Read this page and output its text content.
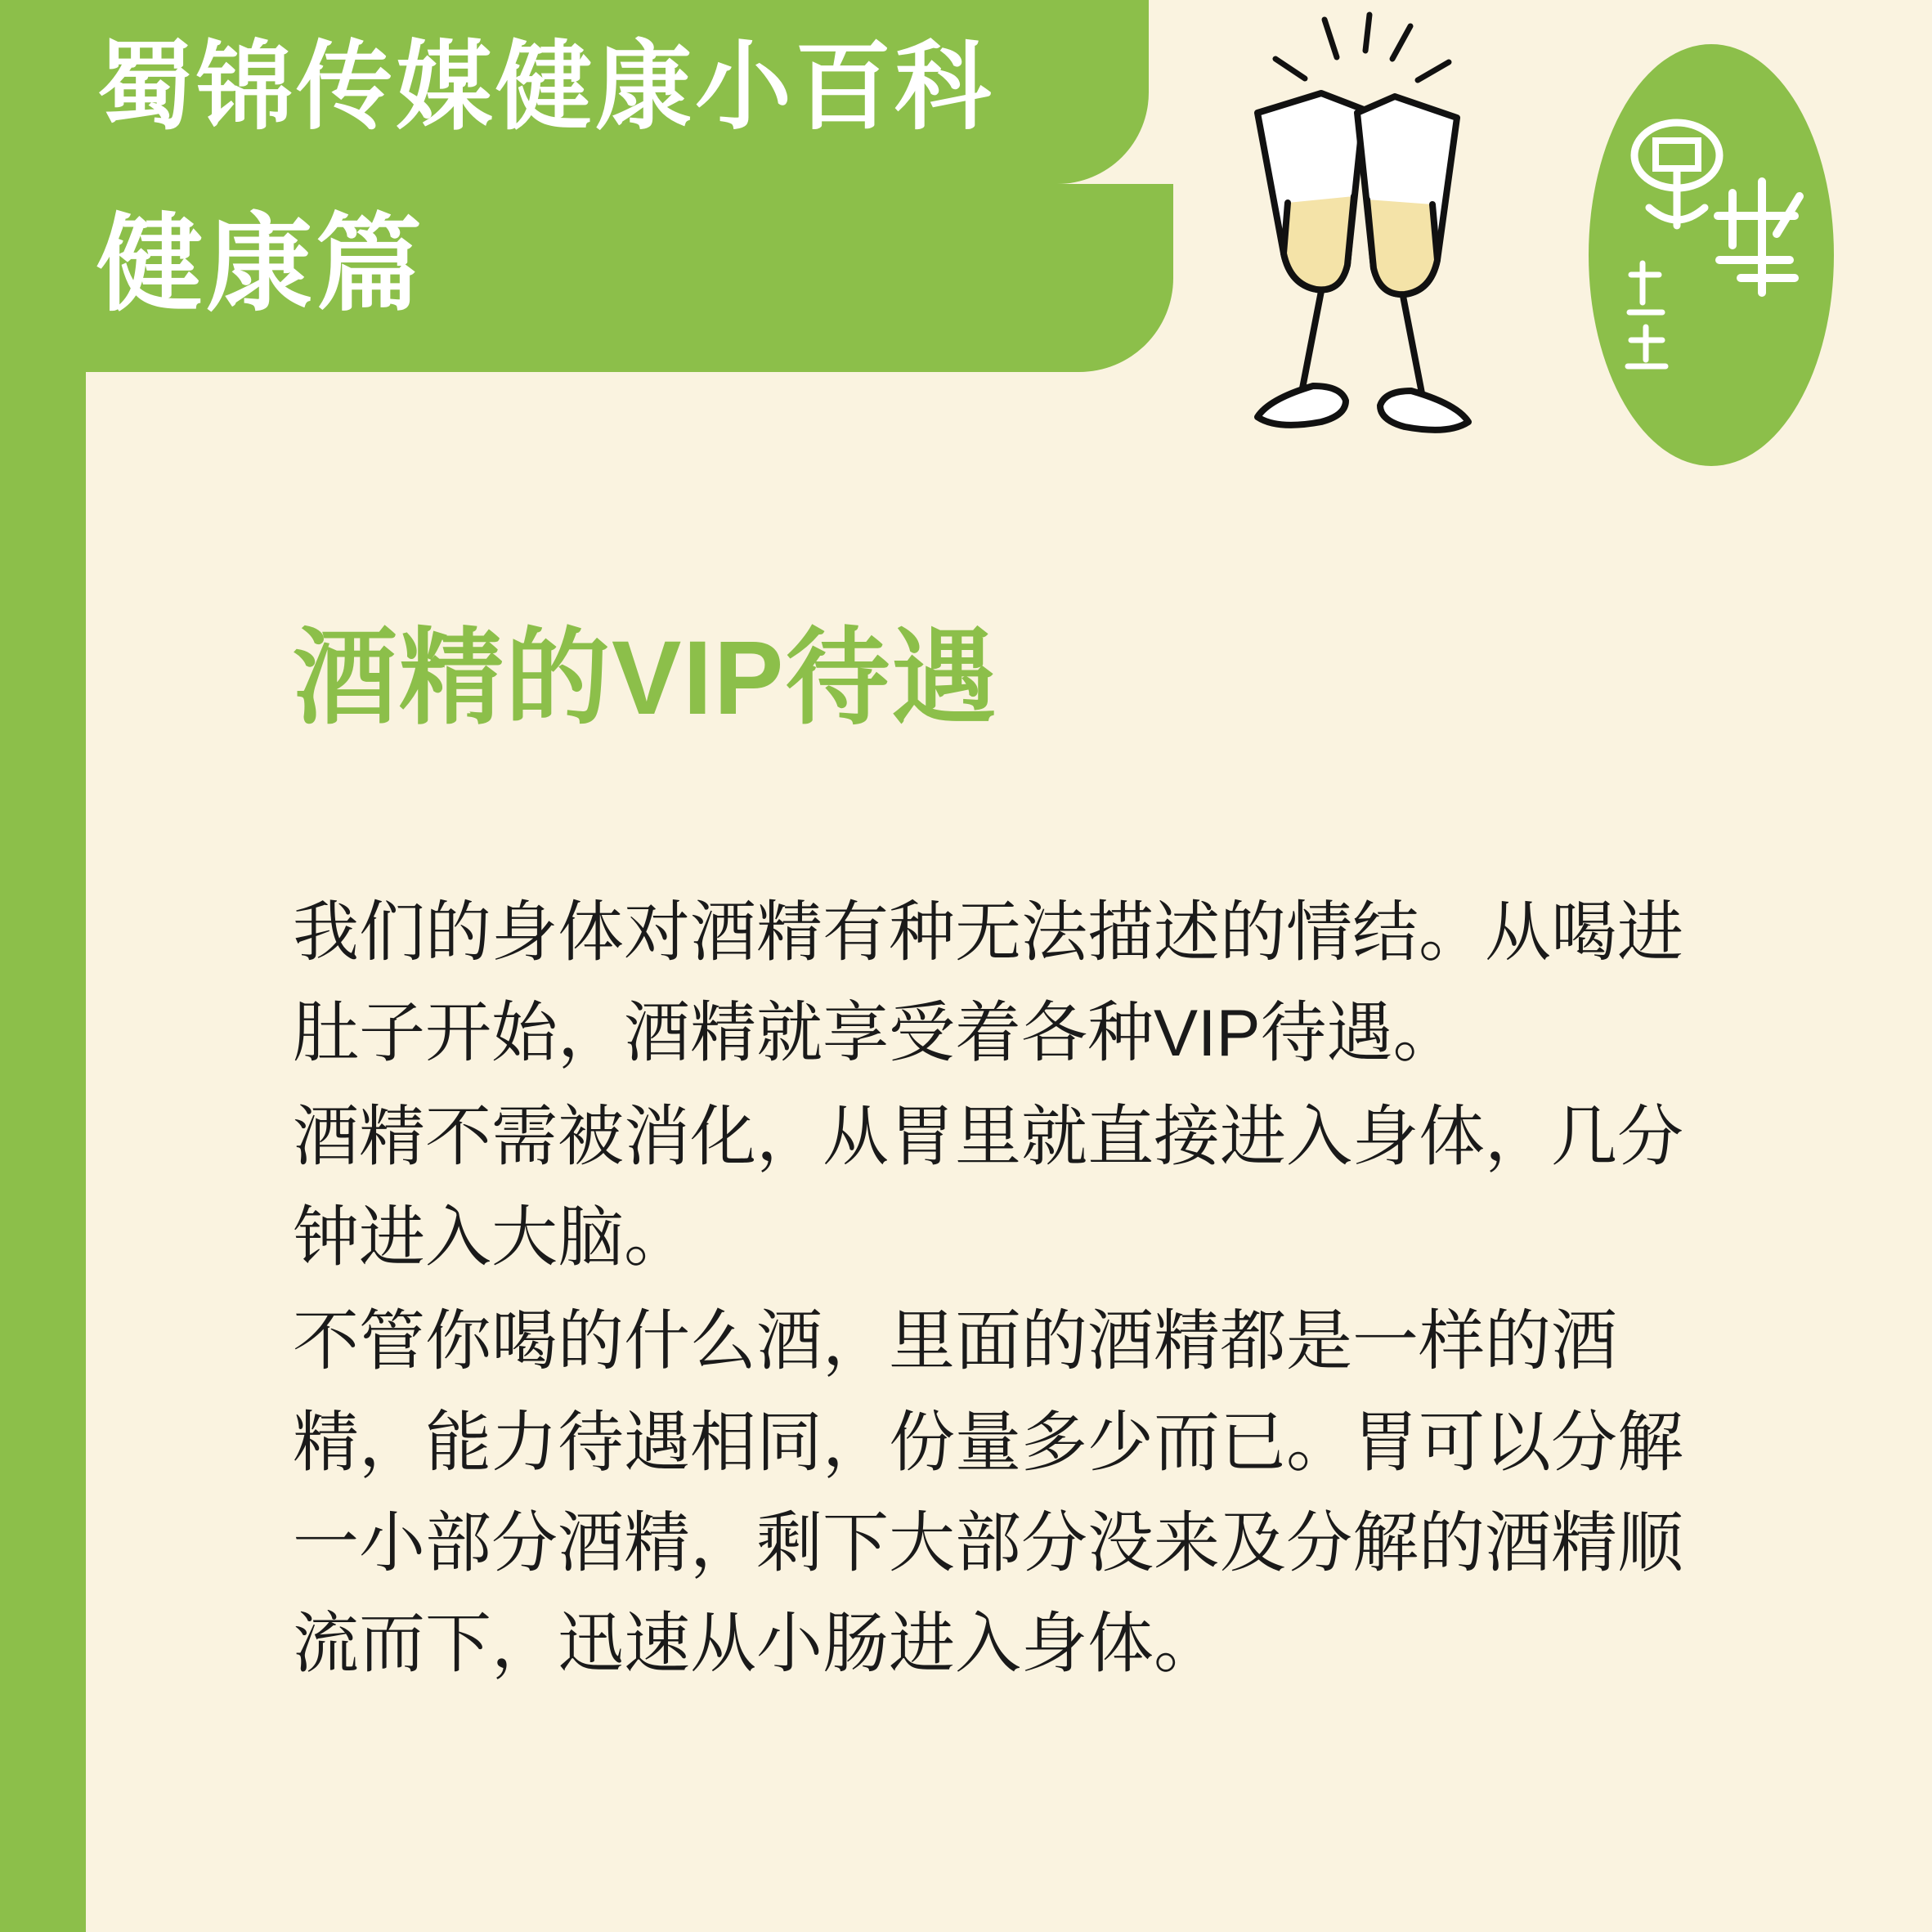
蜀锦传媒健康小百科
健康篇
酒精的VIP待遇

我们的身体对酒精有种无法描述的情结。从喝进肚子开始，酒精就享受着各种VIP待遇。

酒精不需被消化，从胃里就直接进入身体，几分钟进入大脑。

不管你喝的什么酒，里面的酒精都是一样的酒精，能力待遇相同，份量多少而已。胃可以分解一小部分酒精，剩下大部分没来及分解的酒精顺流而下，迅速从小肠进入身体。
